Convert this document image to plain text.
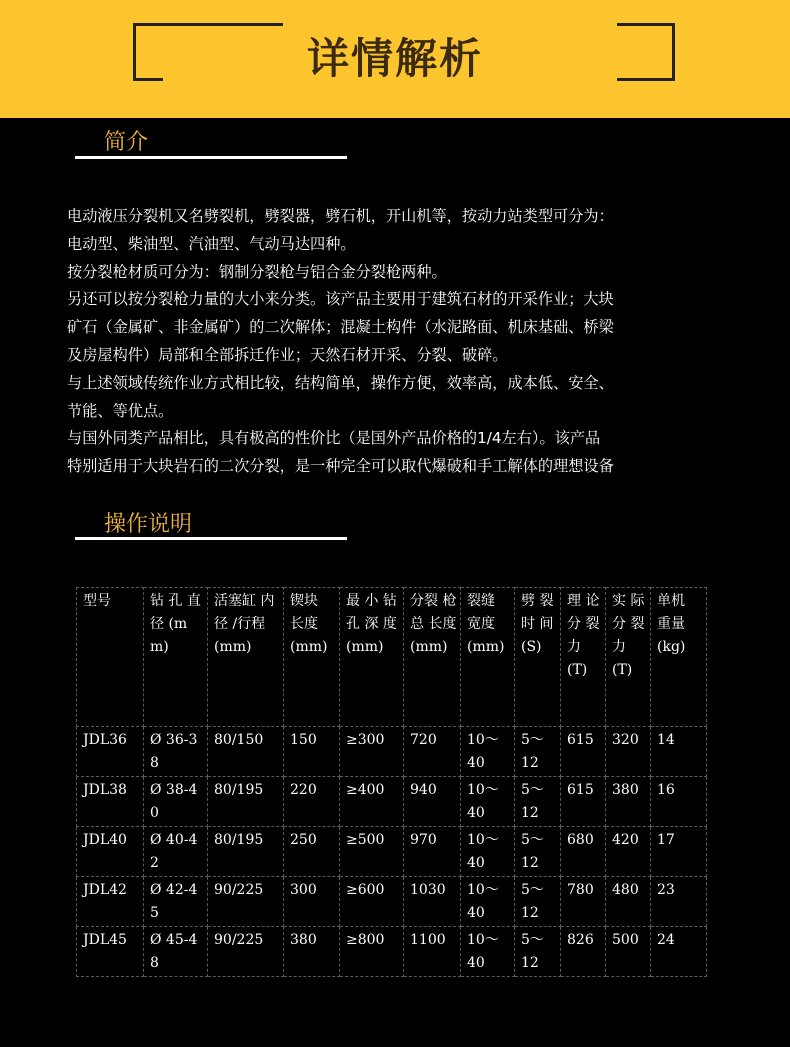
详情解析
简介

电动液压分裂机又名劈裂机，劈裂器，劈石机，开山机等，按动力站类型可分为：

电动型、柴油型、汽油型、气动马达四种。

按分裂枪材质可分为：钢制分裂枪与铝合金分裂枪两种。

另还可以按分裂枪力量的大小来分类。该产品主要用于建筑石材的开采作业；大块

矿石（金属矿、非金属矿）的二次解体；混凝土构件（水泥路面、机床基础、桥梁

及房屋构件）局部和全部拆迁作业；天然石材开采、分裂、破碎。

与上述领域传统作业方式相比较，结构简单，操作方便，效率高，成本低、安全、

节能、等优点。

与国外同类产品相比，具有极高的性价比（是国外产品价格的1/4左右）。该产品

特别适用于大块岩石的二次分裂，是一种完全可以取代爆破和手工解体的理想设备

操作说明
型号	钻 孔 直 径 (mm)	活塞缸 内径 /行程 (mm)	锲块 长度 (mm)	最 小 钻 孔 深 度 (mm)	分裂 枪总 长度 (mm)	裂缝 宽度 (mm)	劈 裂 时 间 (S)	理 论 分 裂 力 (T)	实 际 分 裂 力 (T)	单机 重量 (kg)
JDL36	Ø 36-38	80/150	150	≥300	720	10～ 40	5～ 12	615	320	14
JDL38	Ø 38-40	80/195	220	≥400	940	10～ 40	5～ 12	615	380	16
JDL40	Ø 40-42	80/195	250	≥500	970	10～ 40	5～ 12	680	420	17
JDL42	Ø 42-45	90/225	300	≥600	1030	10～ 40	5～ 12	780	480	23
JDL45	Ø 45-48	90/225	380	≥800	1100	10～ 40	5～ 12	826	500	24
